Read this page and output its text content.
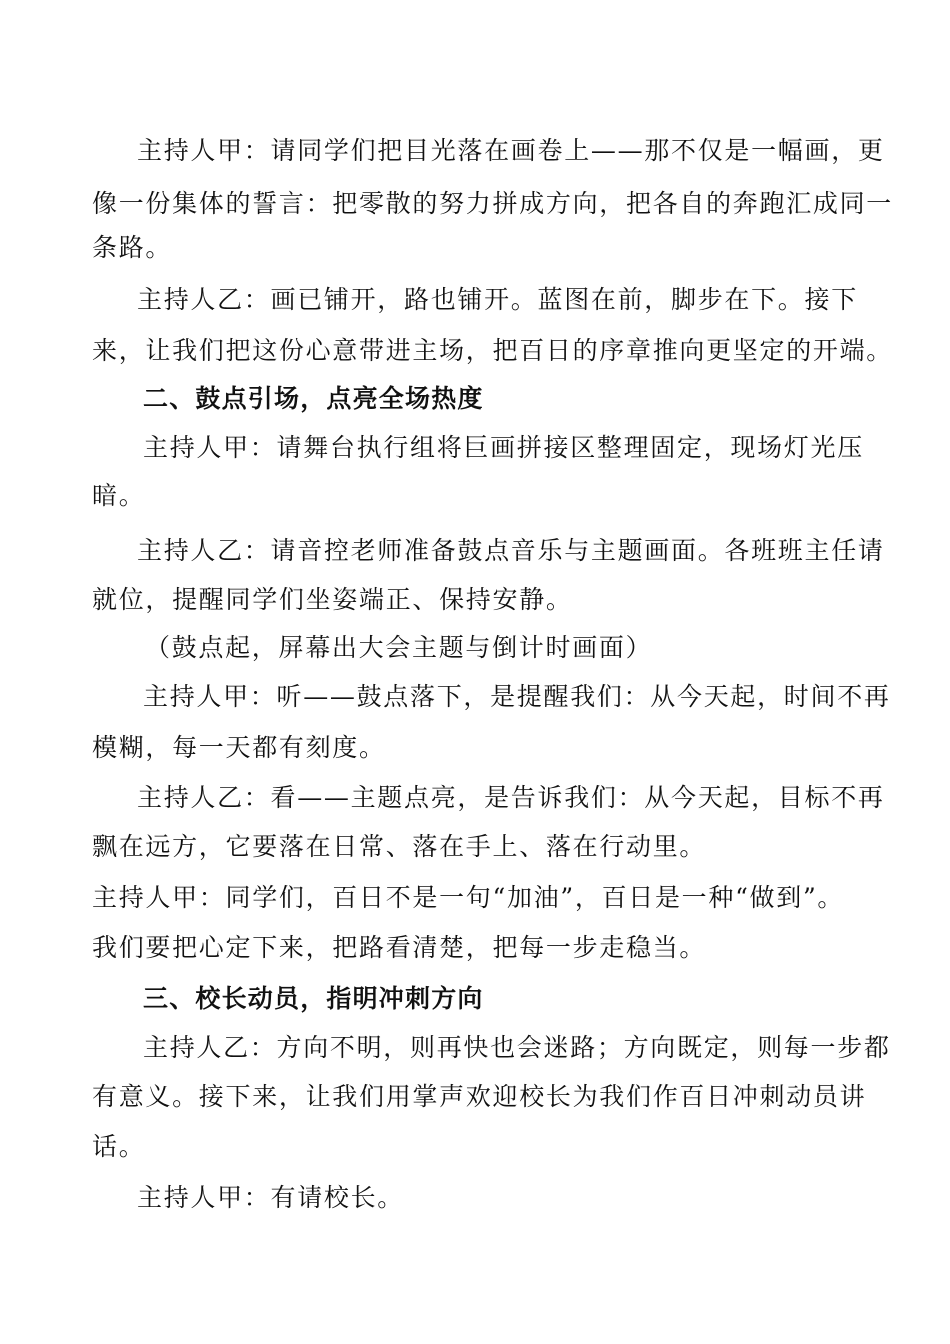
主持人甲：请同学们把目光落在画卷上——那不仅是一幅画，更
像一份集体的誓言：把零散的努力拼成方向，把各自的奔跑汇成同一
条路。
主持人乙：画已铺开，路也铺开。蓝图在前，脚步在下。接下
来，让我们把这份心意带进主场，把百日的序章推向更坚定的开端。
二、鼓点引场，点亮全场热度
主持人甲：请舞台执行组将巨画拼接区整理固定，现场灯光压
暗。
主持人乙：请音控老师准备鼓点音乐与主题画面。各班班主任请
就位，提醒同学们坐姿端正、保持安静。
（鼓点起，屏幕出大会主题与倒计时画面）
主持人甲：听——鼓点落下，是提醒我们：从今天起，时间不再
模糊，每一天都有刻度。
主持人乙：看——主题点亮，是告诉我们：从今天起，目标不再
飘在远方，它要落在日常、落在手上、落在行动里。
主持人甲：同学们，百日不是一句“加油”，百日是一种“做到”。
我们要把心定下来，把路看清楚，把每一步走稳当。
三、校长动员，指明冲刺方向
主持人乙：方向不明，则再快也会迷路；方向既定，则每一步都
有意义。接下来，让我们用掌声欢迎校长为我们作百日冲刺动员讲
话。
主持人甲：有请校长。
